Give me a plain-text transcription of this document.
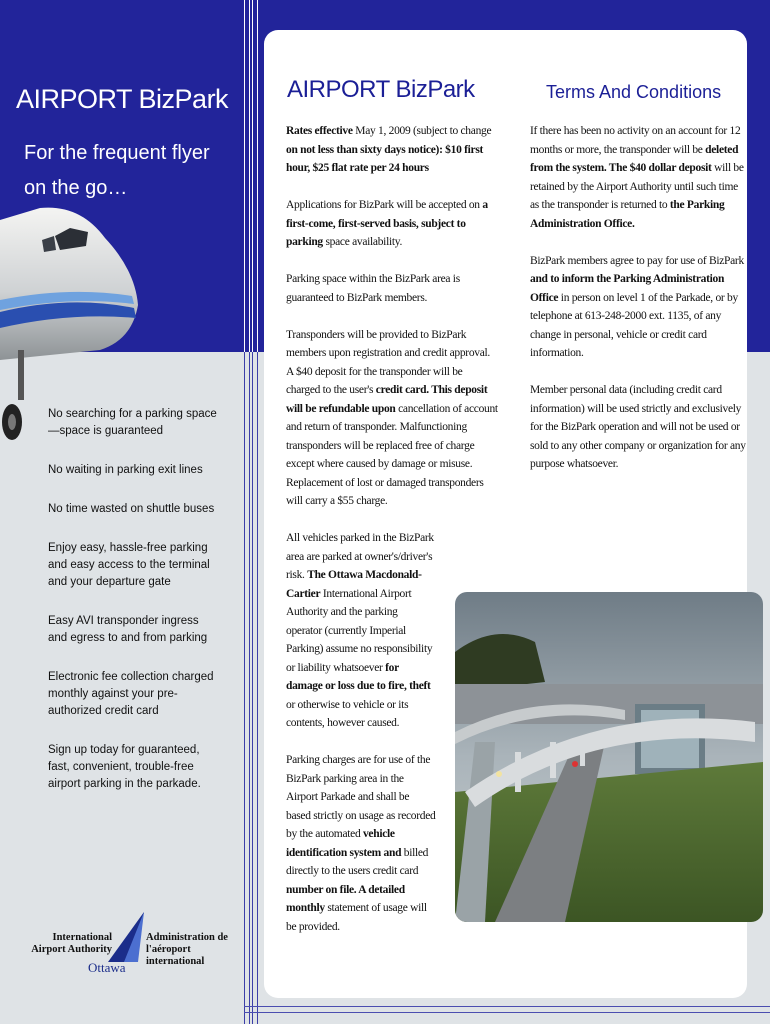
AIRPORT BizPark

For the frequent flyer on the go…

No searching for a parking space—space is guaranteed
No waiting in parking exit lines
No time wasted on shuttle buses
Enjoy easy, hassle-free parking and easy access to the terminal and your departure gate
Easy AVI transponder ingress and egress to and from parking
Electronic fee collection charged monthly against your pre-authorized credit card
Sign up today for guaranteed, fast, convenient, trouble-free airport parking in the parkade.
International Airport Authority
Administration de l'aéroport international
Ottawa
AIRPORT BizPark	Terms And Conditions

Rates effective May 1, 2009 (subject to change on not less than sixty days notice): $10 first hour, $25 flat rate per 24 hours

Applications for BizPark will be accepted on a first-come, first-served basis, subject to parking space availability.

Parking space within the BizPark area is guaranteed to BizPark members.

Transponders will be provided to BizPark members upon registration and credit approval. A $40 deposit for the transponder will be charged to the user's credit card. This deposit will be refundable upon cancellation of account and return of transponder. Malfunctioning transponders will be replaced free of charge except where caused by damage or misuse. Replacement of lost or damaged transponders will carry a $55 charge.

All vehicles parked in the BizPark area are parked at owner's/driver's risk. The Ottawa Macdonald-Cartier International Airport Authority and the parking operator (currently Imperial Parking) assume no responsibility or liability whatsoever for damage or loss due to fire, theft or otherwise to vehicle or its contents, however caused.

Parking charges are for use of the BizPark parking area in the Airport Parkade and shall be based strictly on usage as recorded by the automated vehicle identification system and billed directly to the users credit card number on file. A detailed monthly statement of usage will be provided.

If there has been no activity on an account for 12 months or more, the transponder will be deleted from the system. The $40 dollar deposit will be retained by the Airport Authority until such time as the transponder is returned to the Parking Administration Office.

BizPark members agree to pay for use of BizPark and to inform the Parking Administration Office in person on level 1 of the Parkade, or by telephone at 613-248-2000 ext. 1135, of any change in personal, vehicle or credit card information.

Member personal data (including credit card information) will be used strictly and exclusively for the BizPark operation and will not be used or sold to any other company or organization for any purpose whatsoever.
